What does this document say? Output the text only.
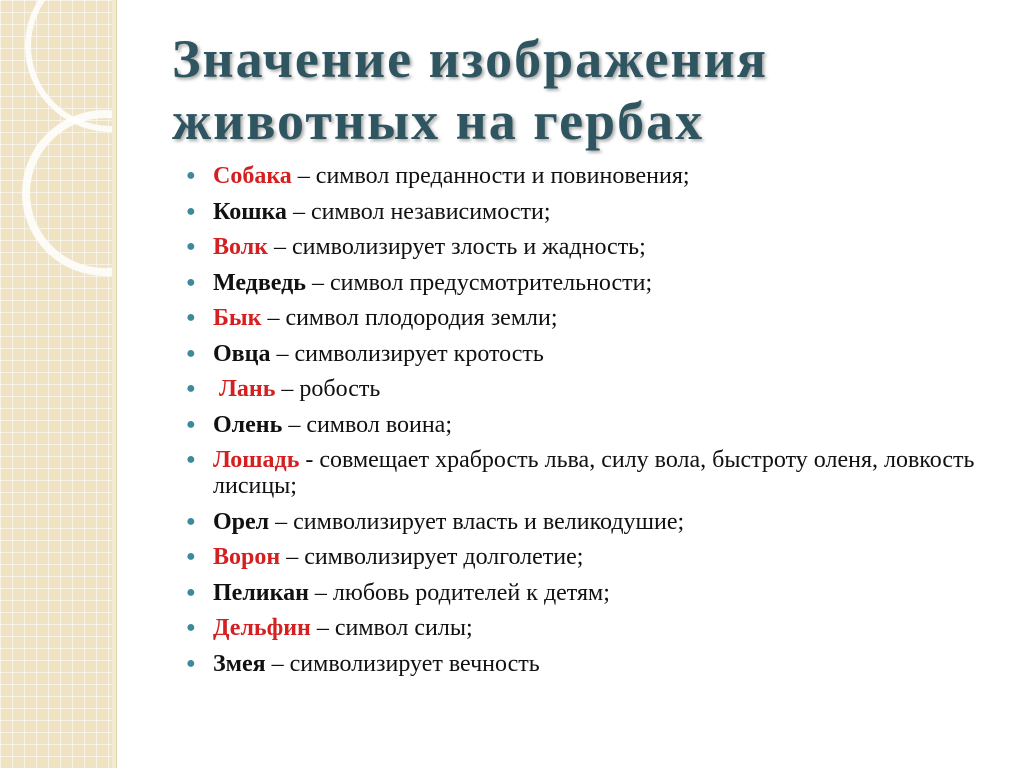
Значение изображения
животных на гербах
● Собака – символ преданности и повиновения;
● Кошка – символ независимости;
● Волк – символизирует злость и жадность;
● Медведь – символ предусмотрительности;
● Бык – символ плодородия земли;
● Овца – символизирует кротость
● Лань – робость
● Олень – символ воина;
● Лошадь - совмещает храбрость льва, силу вола, быстроту оленя, ловкость лисицы;
● Орел – символизирует власть и великодушие;
● Ворон – символизирует долголетие;
● Пеликан – любовь родителей к детям;
● Дельфин – символ силы;
● Змея – символизирует вечность
